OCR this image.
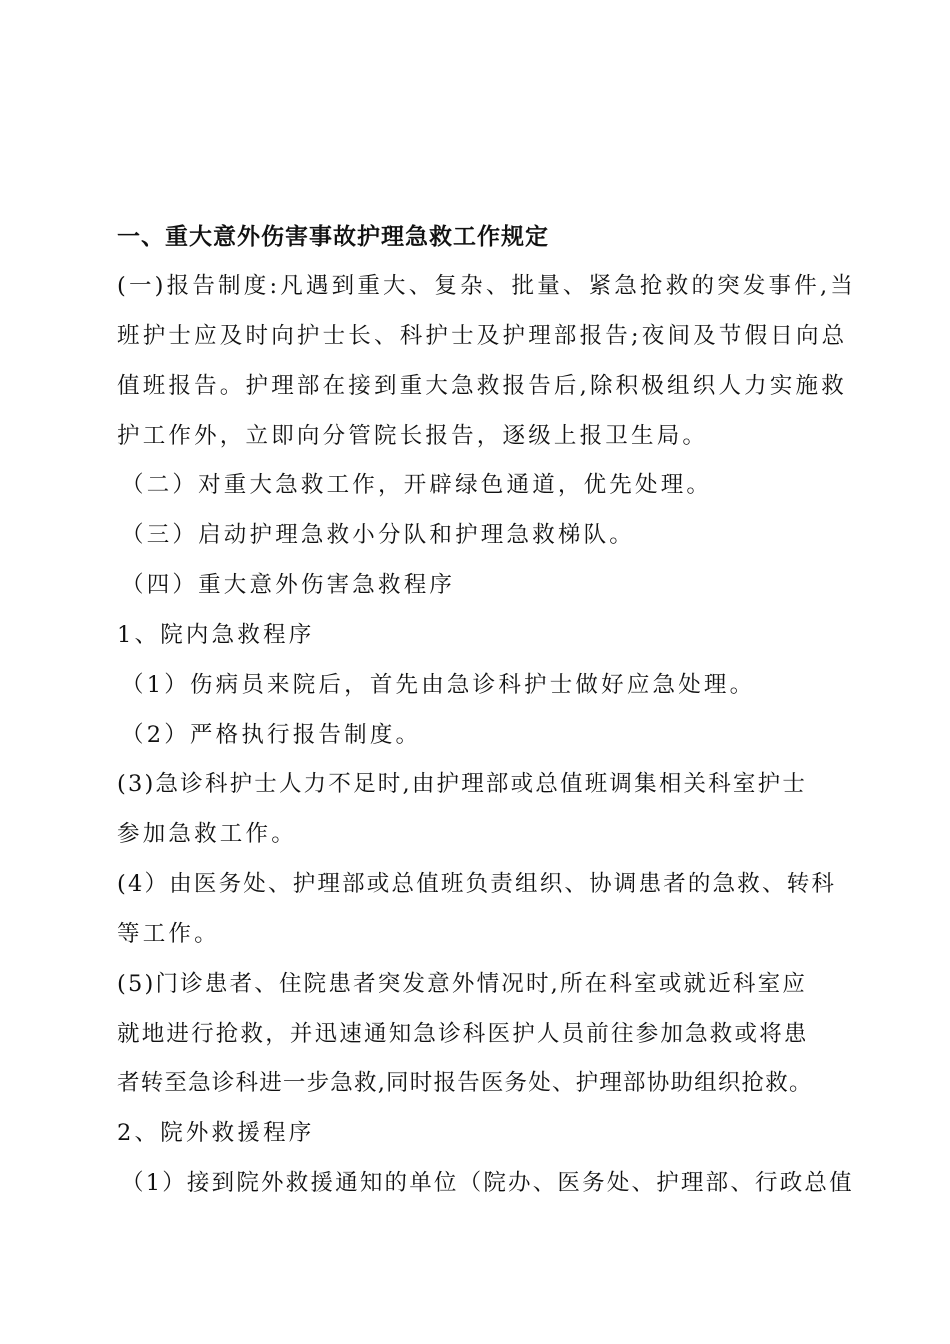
一、重大意外伤害事故护理急救工作规定
(一)报告制度:凡遇到重大、复杂、批量、紧急抢救的突发事件,当
班护士应及时向护士长、科护士及护理部报告;夜间及节假日向总
值班报告。护理部在接到重大急救报告后,除积极组织人力实施救
护工作外，立即向分管院长报告，逐级上报卫生局。
（二）对重大急救工作，开辟绿色通道，优先处理。
（三）启动护理急救小分队和护理急救梯队。
（四）重大意外伤害急救程序
1、院内急救程序
（1）伤病员来院后，首先由急诊科护士做好应急处理。
（2）严格执行报告制度。
(3)急诊科护士人力不足时,由护理部或总值班调集相关科室护士
参加急救工作。
(4）由医务处、护理部或总值班负责组织、协调患者的急救、转科
等工作。
(5)门诊患者、住院患者突发意外情况时,所在科室或就近科室应
就地进行抢救，并迅速通知急诊科医护人员前往参加急救或将患
者转至急诊科进一步急救,同时报告医务处、护理部协助组织抢救。
2、院外救援程序
（1）接到院外救援通知的单位（院办、医务处、护理部、行政总值
